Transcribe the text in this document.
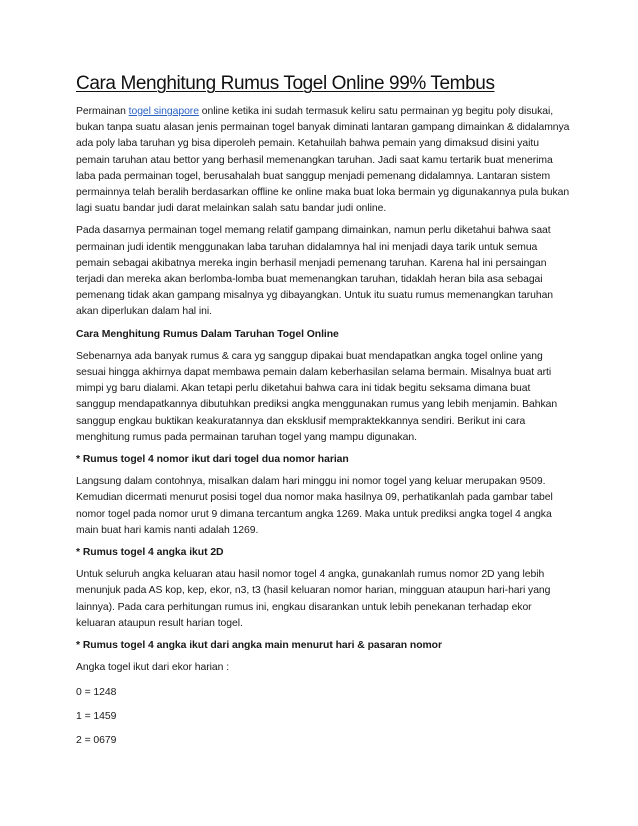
Cara Menghitung Rumus Togel Online 99% Tembus

Permainan togel singapore online ketika ini sudah termasuk keliru satu permainan yg begitu poly disukai, bukan tanpa suatu alasan jenis permainan togel banyak diminati lantaran gampang dimainkan & didalamnya ada poly laba taruhan yg bisa diperoleh pemain. Ketahuilah bahwa pemain yang dimaksud disini yaitu pemain taruhan atau bettor yang berhasil memenangkan taruhan. Jadi saat kamu tertarik buat menerima laba pada permainan togel, berusahalah buat sanggup menjadi pemenang didalamnya. Lantaran sistem permainnya telah beralih berdasarkan offline ke online maka buat loka bermain yg digunakannya pula bukan lagi suatu bandar judi darat melainkan salah satu bandar judi online.

Pada dasarnya permainan togel memang relatif gampang dimainkan, namun perlu diketahui bahwa saat permainan judi identik menggunakan laba taruhan didalamnya hal ini menjadi daya tarik untuk semua pemain sebagai akibatnya mereka ingin berhasil menjadi pemenang taruhan. Karena hal ini persaingan terjadi dan mereka akan berlomba-lomba buat memenangkan taruhan, tidaklah heran bila asa sebagai pemenang tidak akan gampang misalnya yg dibayangkan. Untuk itu suatu rumus memenangkan taruhan akan diperlukan dalam hal ini.

Cara Menghitung Rumus Dalam Taruhan Togel Online

Sebenarnya ada banyak rumus & cara yg sanggup dipakai buat mendapatkan angka togel online yang sesuai hingga akhirnya dapat membawa pemain dalam keberhasilan selama bermain. Misalnya buat arti mimpi yg baru dialami. Akan tetapi perlu diketahui bahwa cara ini tidak begitu seksama dimana buat sanggup mendapatkannya dibutuhkan prediksi angka menggunakan rumus yang lebih menjamin. Bahkan sanggup engkau buktikan keakuratannya dan eksklusif mempraktekkannya sendiri. Berikut ini cara menghitung rumus pada permainan taruhan togel yang mampu digunakan.

* Rumus togel 4 nomor ikut dari togel dua nomor harian

Langsung dalam contohnya, misalkan dalam hari minggu ini nomor togel yang keluar merupakan 9509. Kemudian dicermati menurut posisi togel dua nomor maka hasilnya 09, perhatikanlah pada gambar tabel nomor togel pada nomor urut 9 dimana tercantum angka 1269. Maka untuk prediksi angka togel 4 angka main buat hari kamis nanti adalah 1269.

* Rumus togel 4 angka ikut 2D

Untuk seluruh angka keluaran atau hasil nomor togel 4 angka, gunakanlah rumus nomor 2D yang lebih menunjuk pada AS kop, kep, ekor, n3, t3 (hasil keluaran nomor harian, mingguan ataupun hari-hari yang lainnya). Pada cara perhitungan rumus ini, engkau disarankan untuk lebih penekanan terhadap ekor keluaran ataupun result harian togel.

* Rumus togel 4 angka ikut dari angka main menurut hari & pasaran nomor

Angka togel ikut dari ekor harian :

0 = 1248

1 = 1459

2 = 0679
